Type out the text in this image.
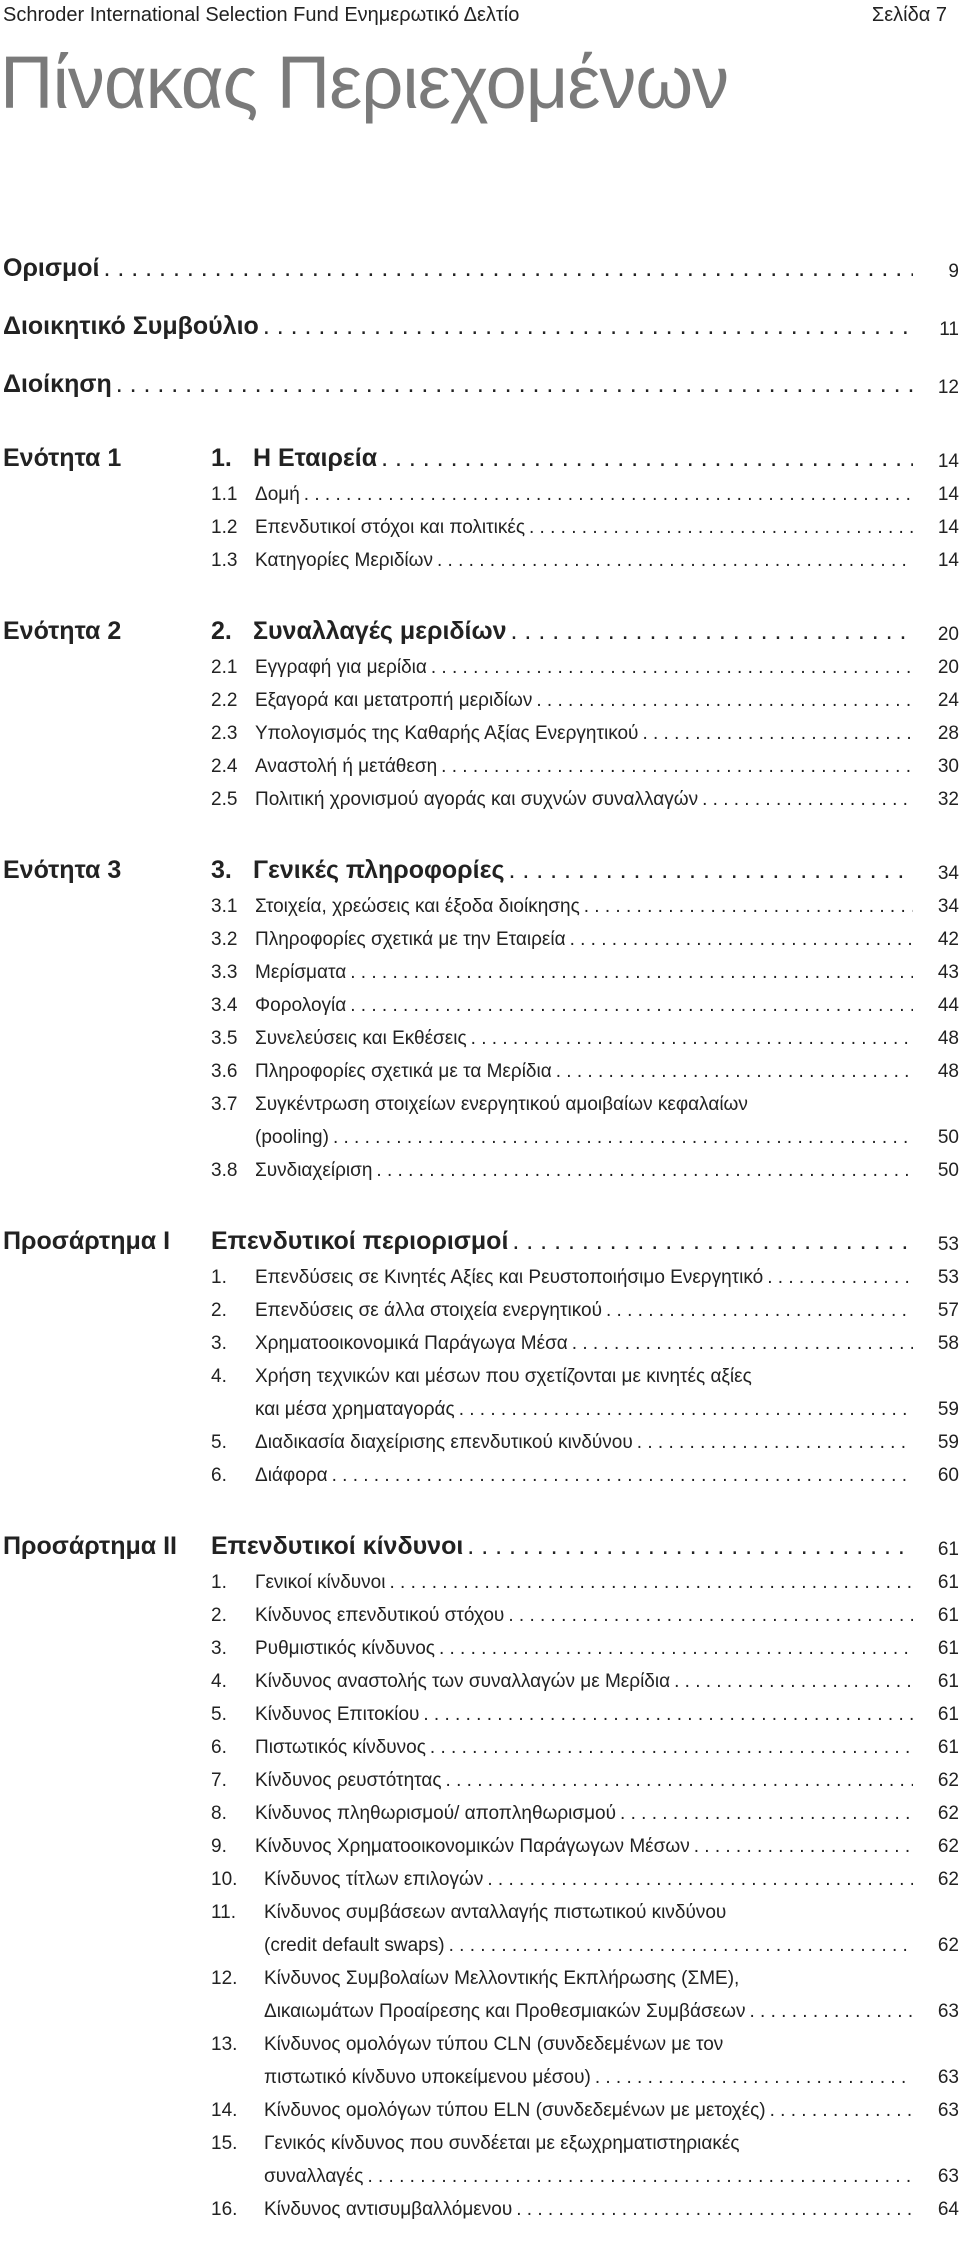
Schroder International Selection Fund Ενημερωτικό Δελτίο	Σελίδα 7
Πίνακας Περιεχομένων
Ορισμοί . . .	9
Διοικητικό Συμβούλιο . . .	11
Διοίκηση . . .	12
Ενότητα 1	1. Η Εταιρεία . . .	14
1.1 Δομή . . .	14
1.2 Επενδυτικοί στόχοι και πολιτικές . . .	14
1.3 Κατηγορίες Μεριδίων . . .	14
Ενότητα 2	2. Συναλλαγές μεριδίων . . .	20
2.1 Εγγραφή για μερίδια . . .	20
2.2 Εξαγορά και μετατροπή μεριδίων . . .	24
2.3 Υπολογισμός της Καθαρής Αξίας Ενεργητικού . . .	28
2.4 Αναστολή ή μετάθεση . . .	30
2.5 Πολιτική χρονισμού αγοράς και συχνών συναλλαγών . . .	32
Ενότητα 3	3. Γενικές πληροφορίες . . .	34
3.1 Στοιχεία, χρεώσεις και έξοδα διοίκησης . . .	34
3.2 Πληροφορίες σχετικά με την Εταιρεία . . .	42
3.3 Μερίσματα . . .	43
3.4 Φορολογία . . .	44
3.5 Συνελεύσεις και Εκθέσεις . . .	48
3.6 Πληροφορίες σχετικά με τα Μερίδια . . .	48
3.7 Συγκέντρωση στοιχείων ενεργητικού αμοιβαίων κεφαλαίων
(pooling) . . .	50
3.8 Συνδιαχείριση . . .	50
Προσάρτημα I Επενδυτικοί περιορισμοί . . .	53
1.	Επενδύσεις σε Κινητές Αξίες και Ρευστοποιήσιμο Ενεργητικό . . .	53
2.	Επενδύσεις σε άλλα στοιχεία ενεργητικού . . .	57
3.	Χρηματοοικονομικά Παράγωγα Μέσα . . .	58
4.	Χρήση τεχνικών και μέσων που σχετίζονται με κινητές αξίες
και μέσα χρηματαγοράς . . .	59
5.	Διαδικασία διαχείρισης επενδυτικού κινδύνου . . .	59
6.	Διάφορα . . .	60
Προσάρτημα II Επενδυτικοί κίνδυνοι . . .	61
1.	Γενικοί κίνδυνοι . . .	61
2.	Κίνδυνος επενδυτικού στόχου . . .	61
3.	Ρυθμιστικός κίνδυνος . . .	61
4.	Κίνδυνος αναστολής των συναλλαγών με Μερίδια . . .	61
5.	Κίνδυνος Επιτοκίου . . .	61
6.	Πιστωτικός κίνδυνος . . .	61
7.	Κίνδυνος ρευστότητας . . .	62
8.	Κίνδυνος πληθωρισμού/ αποπληθωρισμού . . .	62
9.	Κίνδυνος Χρηματοοικονομικών Παράγωγων Μέσων . . .	62
10.	Κίνδυνος τίτλων επιλογών . . .	62
11.	Κίνδυνος συμβάσεων ανταλλαγής πιστωτικού κινδύνου
(credit default swaps) . . .	62
12.	Κίνδυνος Συμβολαίων Μελλοντικής Εκπλήρωσης (ΣΜΕ),
Δικαιωμάτων Προαίρεσης και Προθεσμιακών Συμβάσεων . . .	63
13.	Κίνδυνος ομολόγων τύπου CLN (συνδεδεμένων με τον
πιστωτικό κίνδυνο υποκείμενου μέσου) . . .	63
14.	Κίνδυνος ομολόγων τύπου ELN (συνδεδεμένων με μετοχές) . . .	63
15.	Γενικός κίνδυνος που συνδέεται με εξωχρηματιστηριακές
συναλλαγές . . .	63
16.	Κίνδυνος αντισυμβαλλόμενου . . .	64
